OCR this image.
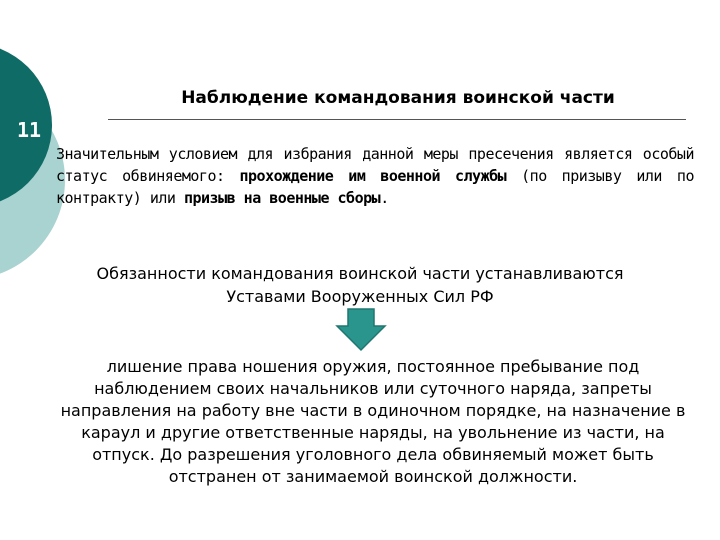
11
Наблюдение командования воинской части
Значительным условием для избрания данной меры пресечения является особый статус обвиняемого: прохождение им военной службы (по призыву или по контракту) или призыв на военные сборы.
Обязанности командования воинской части устанавливаются
Уставами Вооруженных Сил РФ
лишение права ношения оружия, постоянное пребывание под наблюдением своих начальников или суточного наряда, запреты направления на работу вне части в одиночном порядке, на назначение в караул и другие ответственные наряды, на увольнение из части, на отпуск. До разрешения уголовного дела обвиняемый может быть отстранен от занимаемой воинской должности.
